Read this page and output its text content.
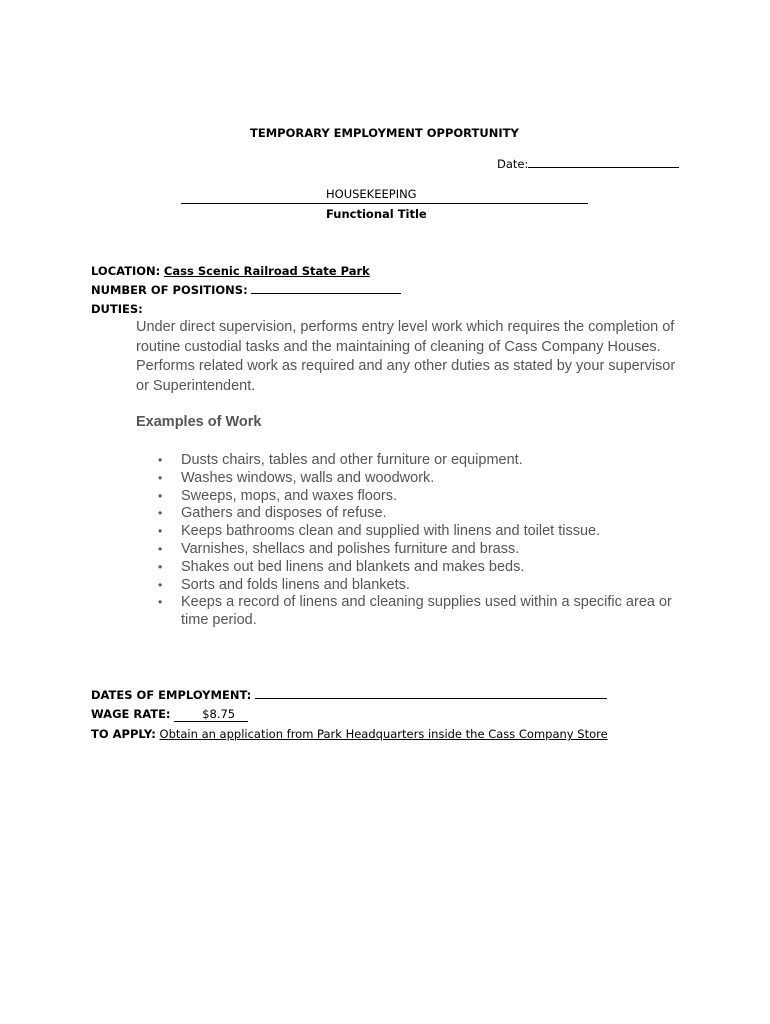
TEMPORARY EMPLOYMENT OPPORTUNITY
Date:
HOUSEKEEPING
Functional Title
LOCATION: Cass Scenic Railroad State Park
NUMBER OF POSITIONS:
DUTIES:
Under direct supervision, performs entry level work which requires the completion of routine custodial tasks and the maintaining of cleaning of Cass Company Houses. Performs related work as required and any other duties as stated by your supervisor or Superintendent.
Examples of Work
• Dusts chairs, tables and other furniture or equipment.
• Washes windows, walls and woodwork.
• Sweeps, mops, and waxes floors.
• Gathers and disposes of refuse.
• Keeps bathrooms clean and supplied with linens and toilet tissue.
• Varnishes, shellacs and polishes furniture and brass.
• Shakes out bed linens and blankets and makes beds.
• Sorts and folds linens and blankets.
• Keeps a record of linens and cleaning supplies used within a specific area or time period.
DATES OF EMPLOYMENT:
WAGE RATE:	$8.75
TO APPLY: Obtain an application from Park Headquarters inside the Cass Company Store
